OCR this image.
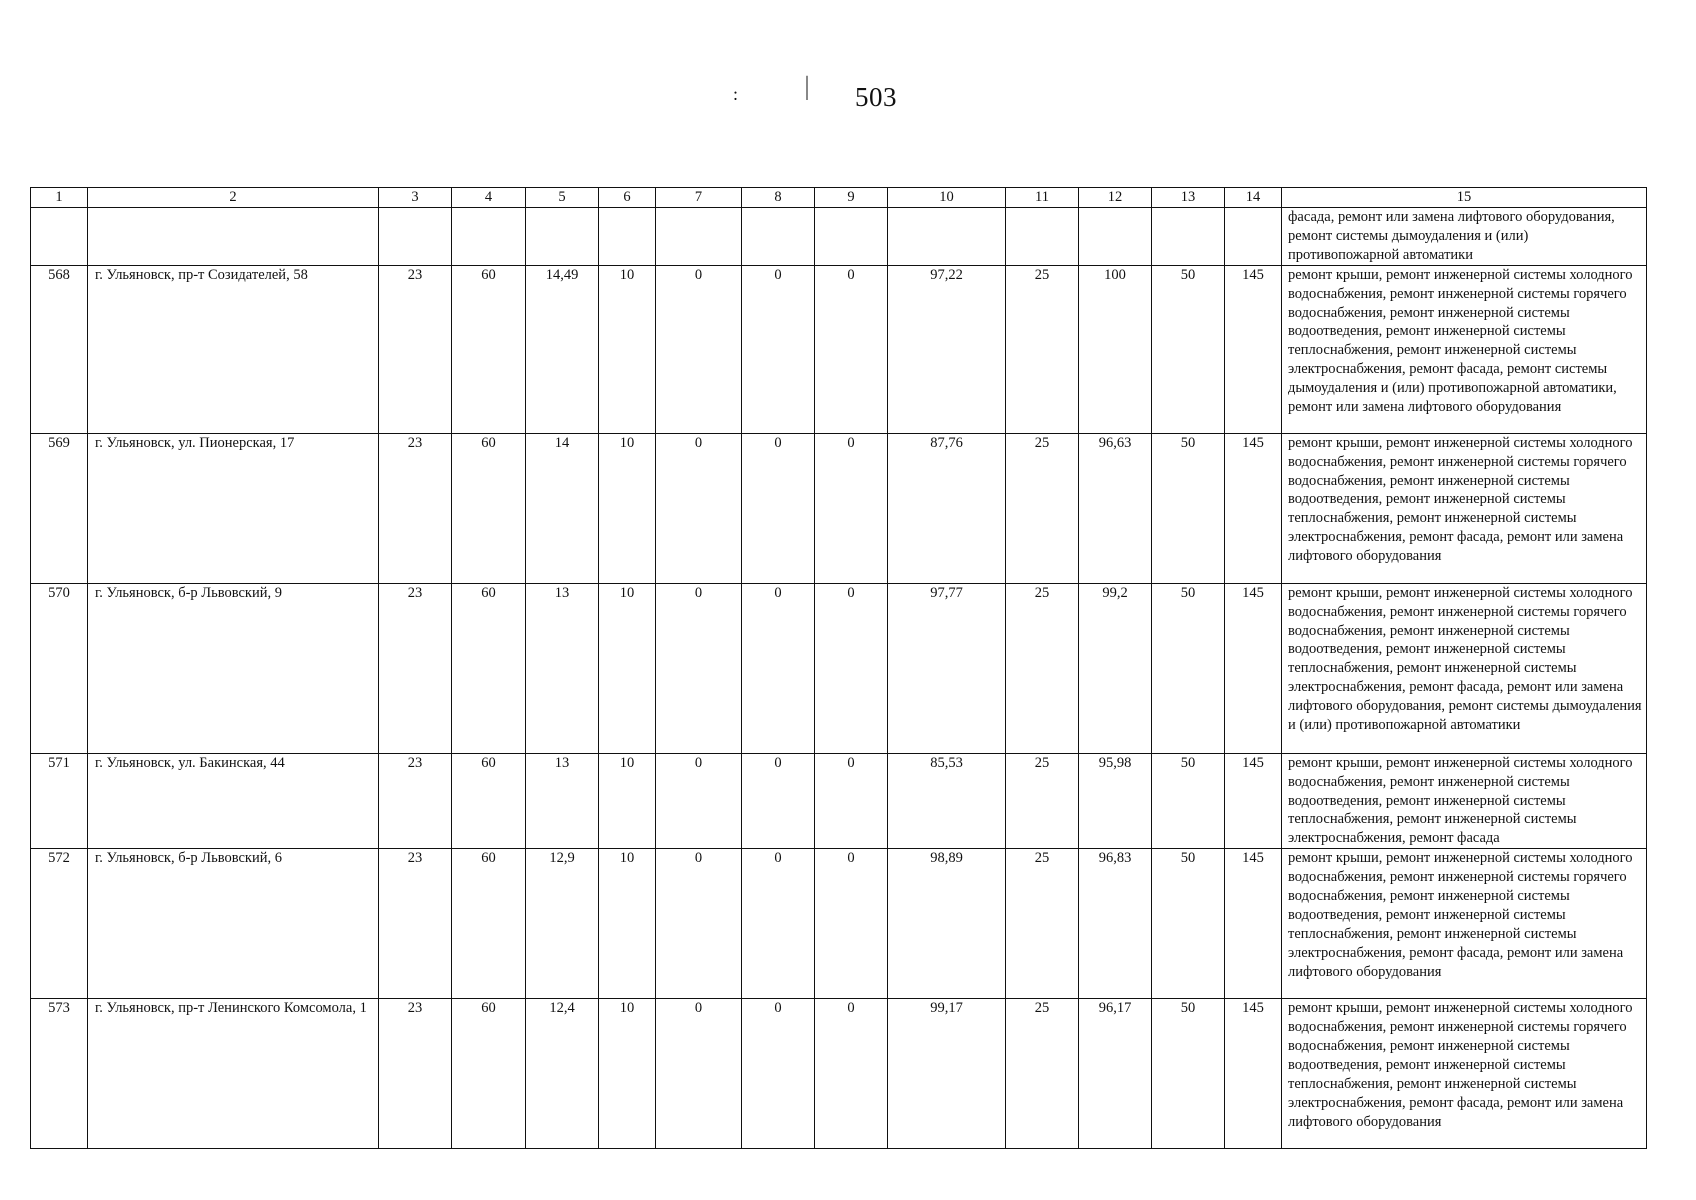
:	| 503
1	2	3	4	5	6	7	8	9	10	11	12	13	14	15
														фасада, ремонт или замена лифтового оборудования, ремонт системы дымоудаления и (или) противопожарной автоматики
568	г. Ульяновск, пр-т Созидателей, 58	23	60	14,49	10	0	0	0	97,22	25	100	50	145	ремонт крыши, ремонт инженерной системы холодного водоснабжения, ремонт инженерной системы горячего водоснабжения, ремонт инженерной системы водоотведения, ремонт инженерной системы теплоснабжения, ремонт инженерной системы электроснабжения, ремонт фасада, ремонт системы дымоудаления и (или) противопожарной автоматики, ремонт или замена лифтового оборудования
569	г. Ульяновск, ул. Пионерская, 17	23	60	14	10	0	0	0	87,76	25	96,63	50	145	ремонт крыши, ремонт инженерной системы холодного водоснабжения, ремонт инженерной системы горячего водоснабжения, ремонт инженерной системы водоотведения, ремонт инженерной системы теплоснабжения, ремонт инженерной системы электроснабжения, ремонт фасада, ремонт или замена лифтового оборудования
570	г. Ульяновск, б-р Львовский, 9	23	60	13	10	0	0	0	97,77	25	99,2	50	145	ремонт крыши, ремонт инженерной системы холодного водоснабжения, ремонт инженерной системы горячего водоснабжения, ремонт инженерной системы водоотведения, ремонт инженерной системы теплоснабжения, ремонт инженерной системы электроснабжения, ремонт фасада, ремонт или замена лифтового оборудования, ремонт системы дымоудаления и (или) противопожарной автоматики
571	г. Ульяновск, ул. Бакинская, 44	23	60	13	10	0	0	0	85,53	25	95,98	50	145	ремонт крыши, ремонт инженерной системы холодного водоснабжения, ремонт инженерной системы водоотведения, ремонт инженерной системы теплоснабжения, ремонт инженерной системы электроснабжения, ремонт фасада
572	г. Ульяновск, б-р Львовский, 6	23	60	12,9	10	0	0	0	98,89	25	96,83	50	145	ремонт крыши, ремонт инженерной системы холодного водоснабжения, ремонт инженерной системы горячего водоснабжения, ремонт инженерной системы водоотведения, ремонт инженерной системы теплоснабжения, ремонт инженерной системы электроснабжения, ремонт фасада, ремонт или замена лифтового оборудования
573	г. Ульяновск, пр-т Ленинского Комсомола, 1	23	60	12,4	10	0	0	0	99,17	25	96,17	50	145	ремонт крыши, ремонт инженерной системы холодного водоснабжения, ремонт инженерной системы горячего водоснабжения, ремонт инженерной системы водоотведения, ремонт инженерной системы теплоснабжения, ремонт инженерной системы электроснабжения, ремонт фасада, ремонт или замена лифтового оборудования
